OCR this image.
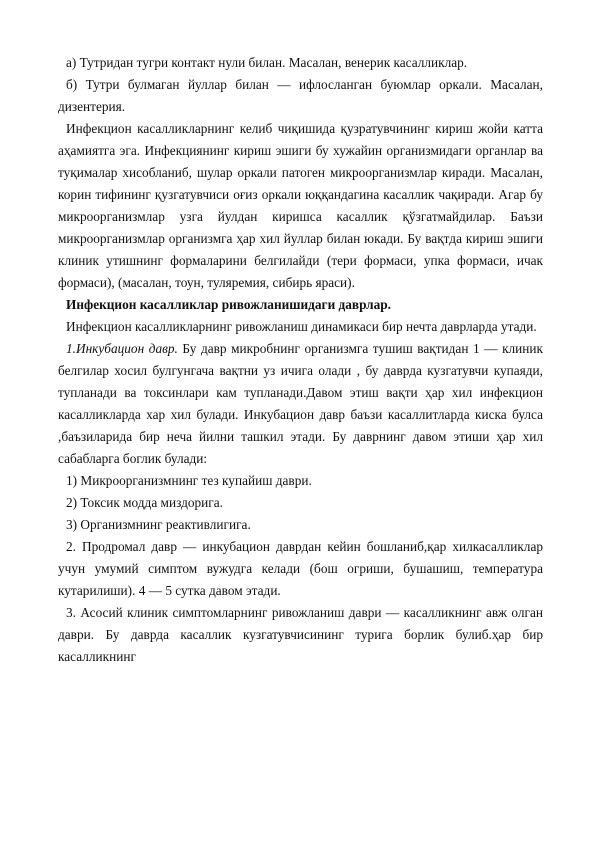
а) Тутридан тугри контакт нули билан. Масалан, венерик касалликлар.

б) Тутри булмаган йуллар билан — ифлосланган буюмлар оркали. Масалан, дизентерия.

Инфекцион касалликларнинг келиб чиқишида қузратувчининг кириш жойи катта аҳамиятга эга. Инфекциянинг кириш эшиги бу хужайин организмидаги органлар ва туқималар хисобланиб, шулар оркали патоген микроорганизмлар киради. Масалан, корин тифининг қузгатувчиси оғиз оркали юққандагина касаллик чақиради. Агар бу микроорганизмлар узга йулдан киришса касаллик қўзгатмайдилар. Баъзи микроорганизмлар организмга ҳар хил йуллар билан юкади. Бу вақтда кириш эшиги клиник утишнинг формаларини белгилайди (тери формаси, упка формаси, ичак формаси), (масалан, тоун, туляремия, сибирь яраси).

Инфекцион касалликлар ривожланишидаги даврлар.

Инфекцион касалликларнинг ривожланиш динамикаси бир нечта даврларда утади.

1.Инкубацион давр. Бу давр микробнинг организмга тушиш вақтидан 1 — клиник белгилар хосил булгунгача вақтни уз ичига олади , бу даврда кузгатувчи купаяди, тупланади ва токсинлари кам тупланади.Давом этиш вақти ҳар хил инфекцион касалликларда хар хил булади. Инкубацион давр баъзи касаллитларда киска булса ,баъзиларида бир неча йилни ташкил этади. Бу даврнинг давом этиши ҳар хил сабабларга боглик булади:

1) Микроорганизмнинг тез купайиш даври.

2) Токсик модда миздорига.

3) Организмнинг реактивлигига.

2. Продромал давр — инкубацион даврдан кейин бошланиб,қар хилкасалликлар учун умумий симптом вужудга келади (бош огриши, бушашиш, температура кутарилиши). 4 — 5 сутка давом этади.

3. Асосий клиник симптомларнинг ривожланиш даври — касалликнинг авж олган даври. Бу даврда касаллик кузгатувчисининг турига борлик булиб.ҳар бир касалликнинг
